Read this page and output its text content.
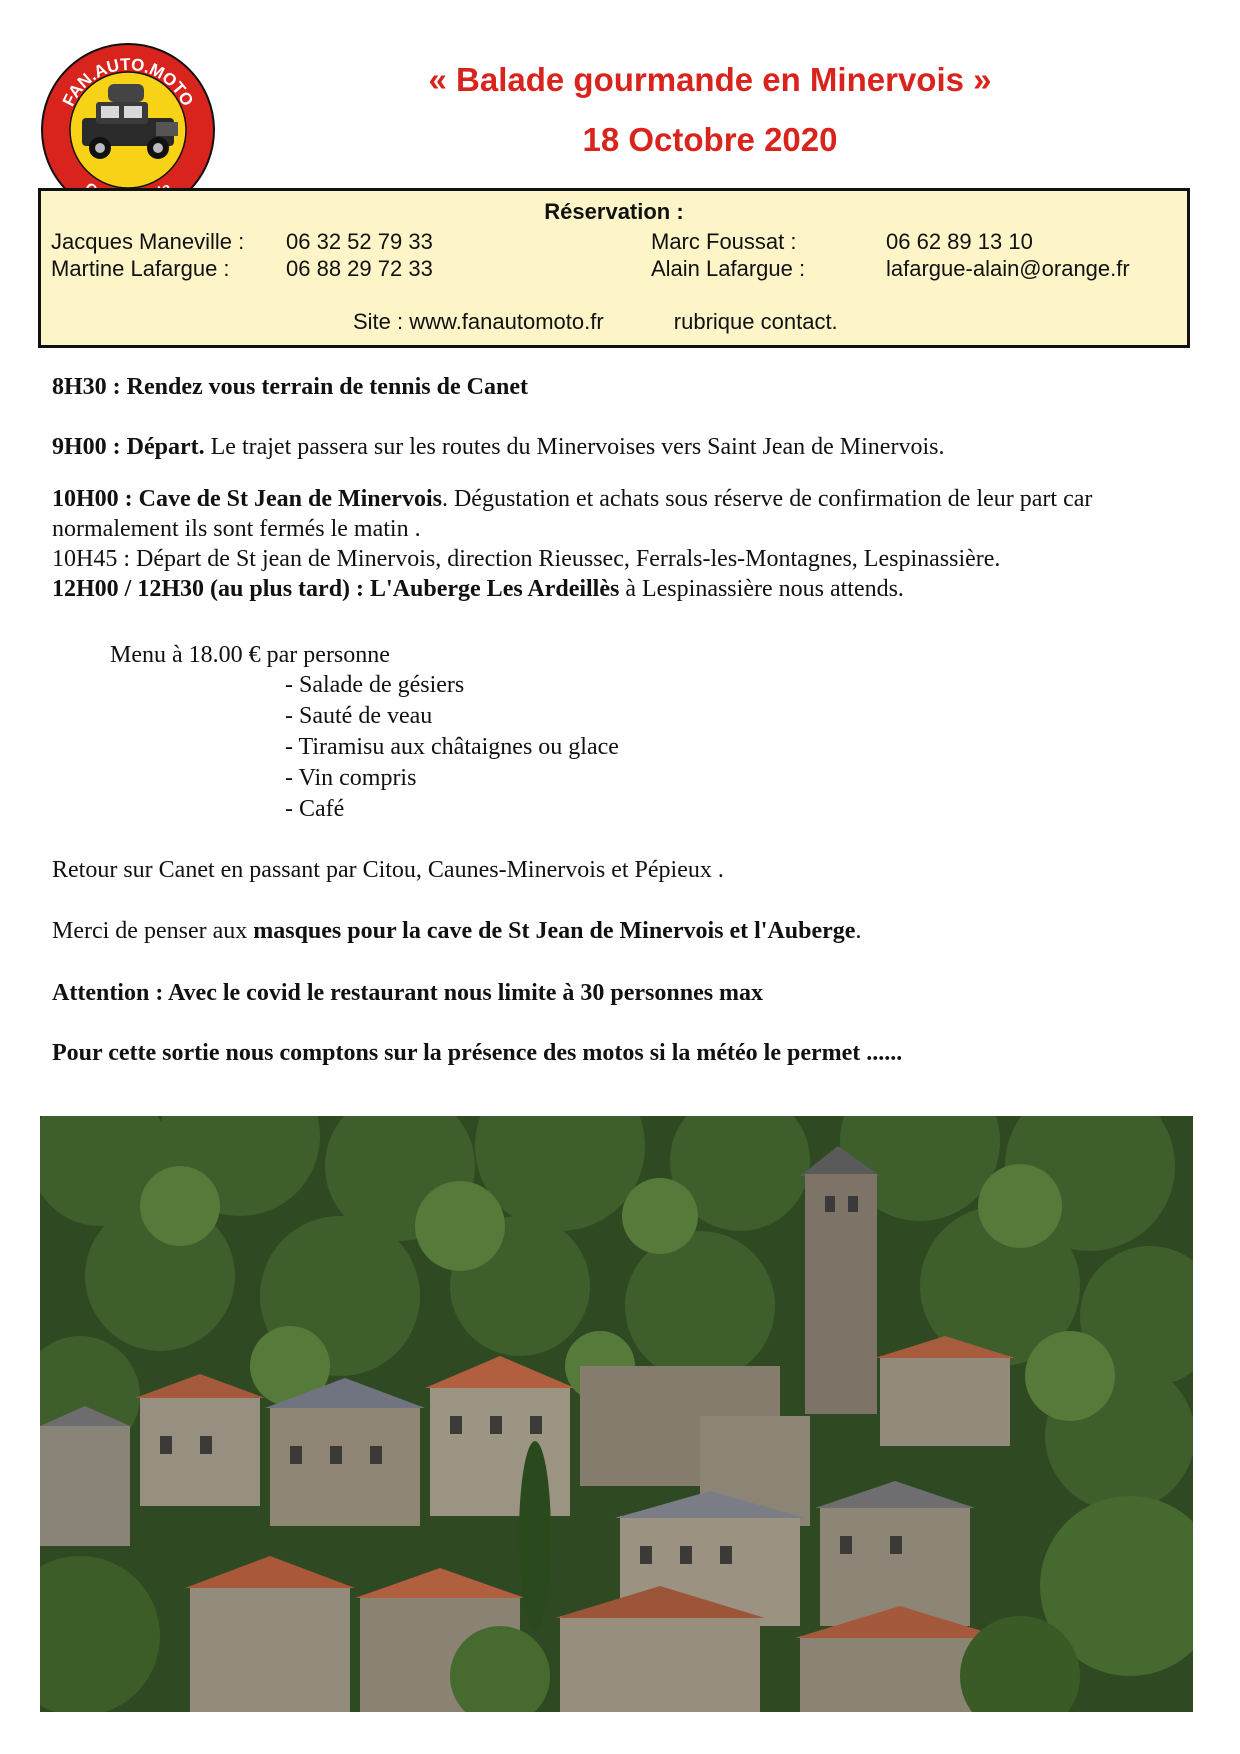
FAN.AUTO.MOTO
« Balade gourmande en Minervois »
18 Octobre 2020
Réservation :
Jacques Maneville : 06 32 52 79 33	Marc Foussat :	06 62 89 13 10
Martine Lafargue :	06 88 29 72 33	Alain Lafargue :	lafargue-alain@orange.fr
Site : www.fanautomoto.fr	rubrique contact.

8H30 : Rendez vous terrain de tennis de Canet

9H00 : Départ. Le trajet passera sur les routes du Minervoises vers Saint Jean de Minervois.

10H00 : Cave de St Jean de Minervois. Dégustation et achats sous réserve de confirmation de leur part car normalement ils sont fermés le matin .

10H45 : Départ de St jean de Minervois, direction Rieussec, Ferrals-les-Montagnes, Lespinassière.

12H00 / 12H30 (au plus tard) : L'Auberge Les Ardeillès à Lespinassière nous attends.

Menu à 18.00 € par personne
- Salade de gésiers
- Sauté de veau
- Tiramisu aux châtaignes ou glace
- Vin compris
- Café

Retour sur Canet en passant par Citou, Caunes-Minervois et Pépieux .

Merci de penser aux masques pour la cave de St Jean de Minervois et l'Auberge.

Attention : Avec le covid le restaurant nous limite à 30 personnes max

Pour cette sortie nous comptons sur la présence des motos si la météo le permet ......
